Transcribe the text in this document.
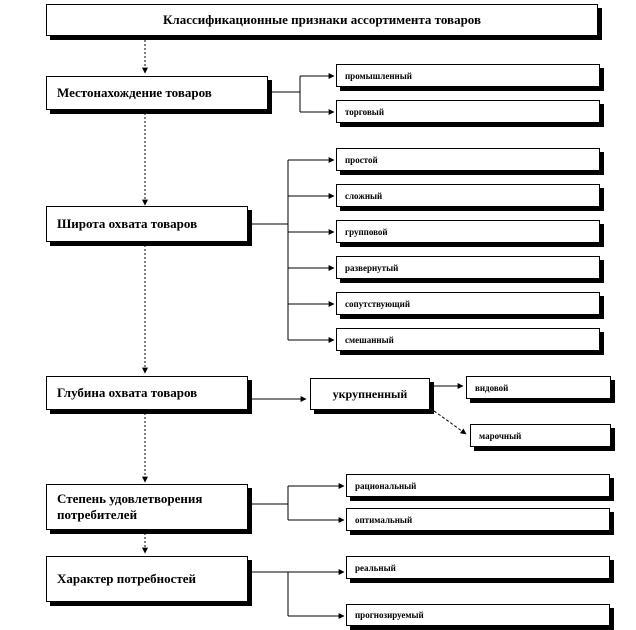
Классификационные признаки ассортимента товаров
Местонахождение товаров
Широта охвата товаров
Глубина охвата товаров
Степень удовлетворения потребителей
Характер потребностей
промышленный
торговый
простой
сложный
групповой
развернутый
сопутствующий
смешанный
укрупненный	видовой
марочный
рациональный
оптимальный
реальный
прогнозируемый
